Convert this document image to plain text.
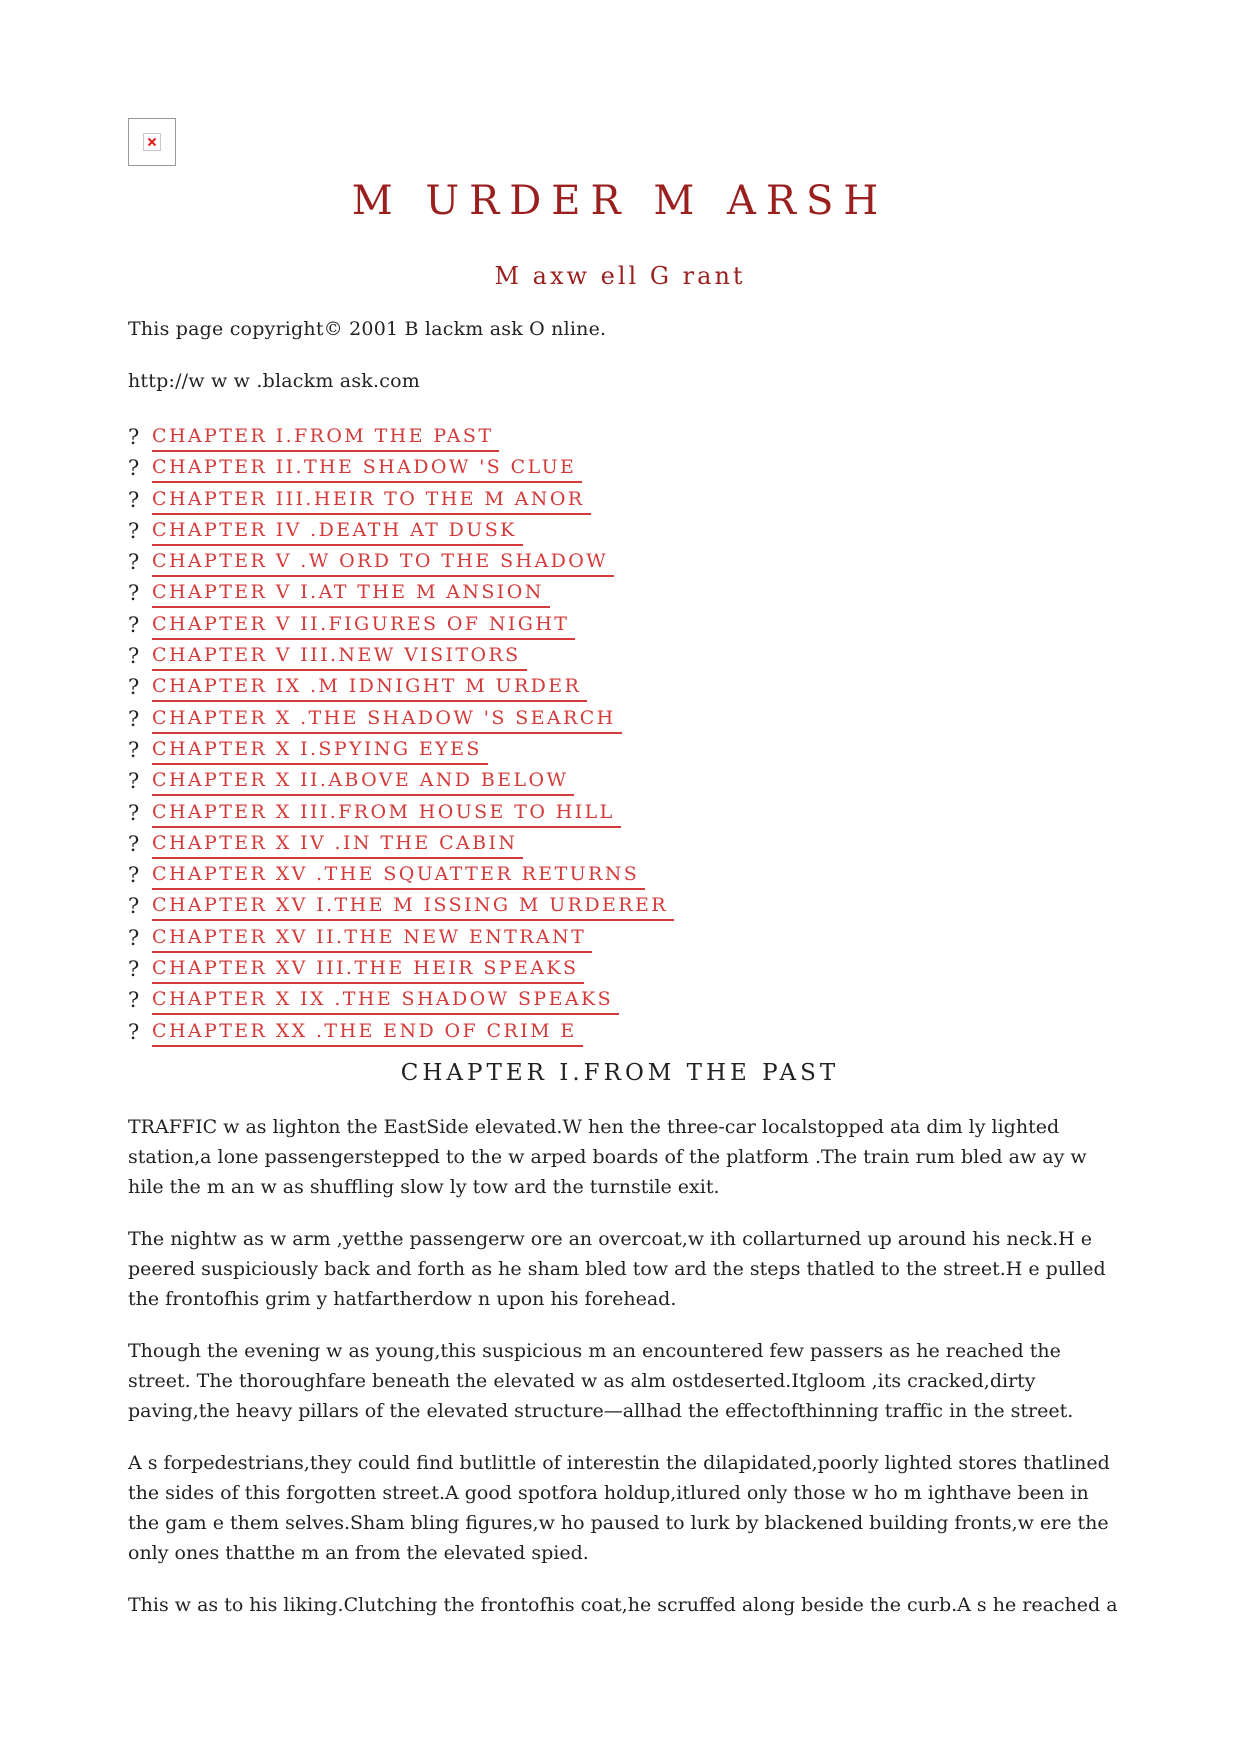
M URDER M ARSH
M axw ell G rant
This page copyright© 2001 B lackm ask O nline.
http://w w w .blackm ask.com
? CHAPTER I.FROM THE PAST
? CHAPTER II.THE SHADOW 'S CLUE
? CHAPTER III.HEIR TO THE M ANOR
? CHAPTER IV .DEATH AT DUSK
? CHAPTER V .W ORD TO THE SHADOW
? CHAPTER V I.AT THE M ANSION
? CHAPTER V II.FIGURES OF NIGHT
? CHAPTER V III.NEW VISITORS
? CHAPTER IX .M IDNIGHT M URDER
? CHAPTER X .THE SHADOW 'S SEARCH
? CHAPTER X I.SPYING EYES
? CHAPTER X II.ABOVE AND BELOW
? CHAPTER X III.FROM HOUSE TO HILL
? CHAPTER X IV .IN THE CABIN
? CHAPTER XV .THE SQUATTER RETURNS
? CHAPTER XV I.THE M ISSING M URDERER
? CHAPTER XV II.THE NEW ENTRANT
? CHAPTER XV III.THE HEIR SPEAKS
? CHAPTER X IX .THE SHADOW SPEAKS
? CHAPTER XX .THE END OF CRIM E
CHAPTER I.FROM THE PAST

TRAFFIC w as lighton the EastSide elevated.W hen the three-car localstopped ata dim ly lighted station,a lone passengerstepped to the w arped boards of the platform .The train rum bled aw ay w hile the m an w as shuffling slow ly tow ard the turnstile exit.

The nightw as w arm ,yetthe passengerw ore an overcoat,w ith collarturned up around his neck.H e peered suspiciously back and forth as he sham bled tow ard the steps thatled to the street.H e pulled the frontofhis grim y hatfartherdow n upon his forehead.

Though the evening w as young,this suspicious m an encountered few passers as he reached the street. The thoroughfare beneath the elevated w as alm ostdeserted.Itgloom ,its cracked,dirty paving,the heavy pillars of the elevated structure—allhad the effectofthinning traffic in the street.

A s forpedestrians,they could find butlittle of interestin the dilapidated,poorly lighted stores thatlined the sides of this forgotten street.A good spotfora holdup,itlured only those w ho m ighthave been in the gam e them selves.Sham bling figures,w ho paused to lurk by blackened building fronts,w ere the only ones thatthe m an from the elevated spied.

This w as to his liking.Clutching the frontofhis coat,he scruffed along beside the curb.A s he reached a
